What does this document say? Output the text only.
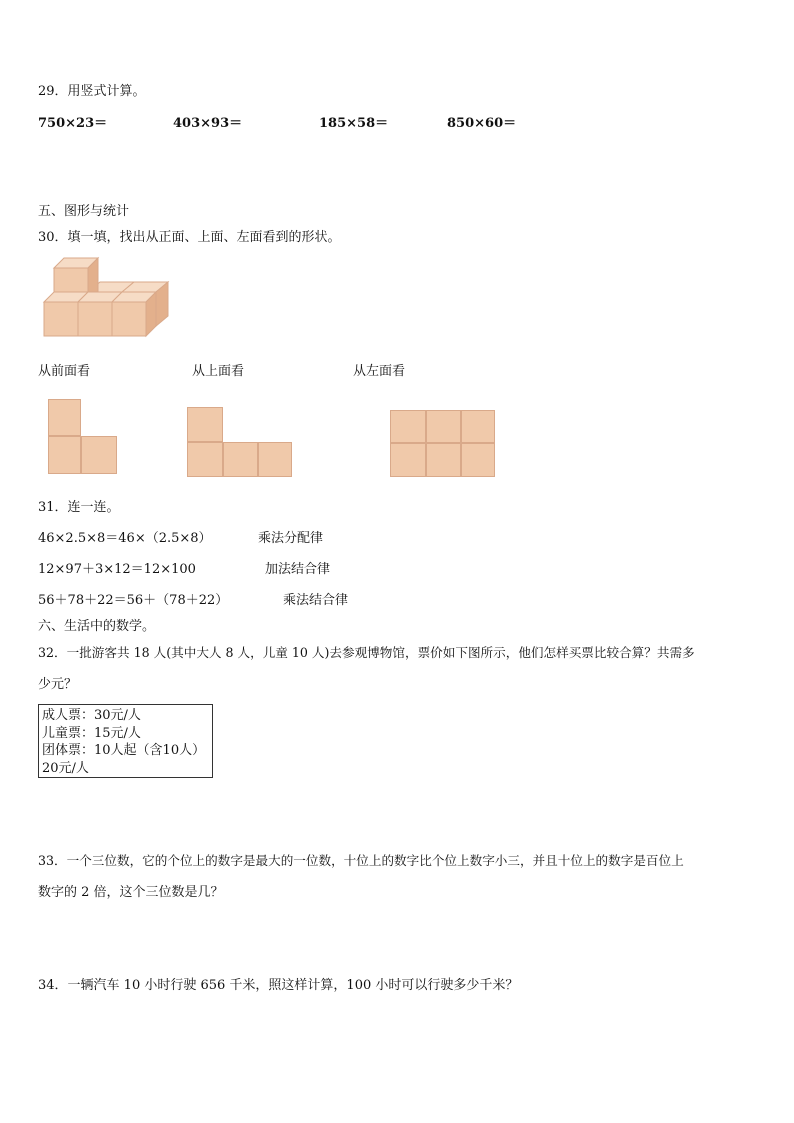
29．用竖式计算。
750×23＝	403×93＝	185×58＝	850×60＝
五、图形与统计
30．填一填，找出从正面、上面、左面看到的形状。
从前面看	从上面看	从左面看
31．连一连。
46×2.5×8＝46×（2.5×8）	乘法分配律
12×97＋3×12＝12×100	加法结合律
56＋78＋22＝56＋（78＋22）	乘法结合律
六、生活中的数学。
32．一批游客共 18 人(其中大人 8 人，儿童 10 人)去参观博物馆，票价如下图所示，他们怎样买票比较合算？共需多
少元？
成人票：30元/人
儿童票：15元/人
团体票：10人起（含10人）
20元/人
33．一个三位数，它的个位上的数字是最大的一位数，十位上的数字比个位上数字小三，并且十位上的数字是百位上
数字的 2 倍，这个三位数是几？
34．一辆汽车 10 小时行驶 656 千米，照这样计算，100 小时可以行驶多少千米？
